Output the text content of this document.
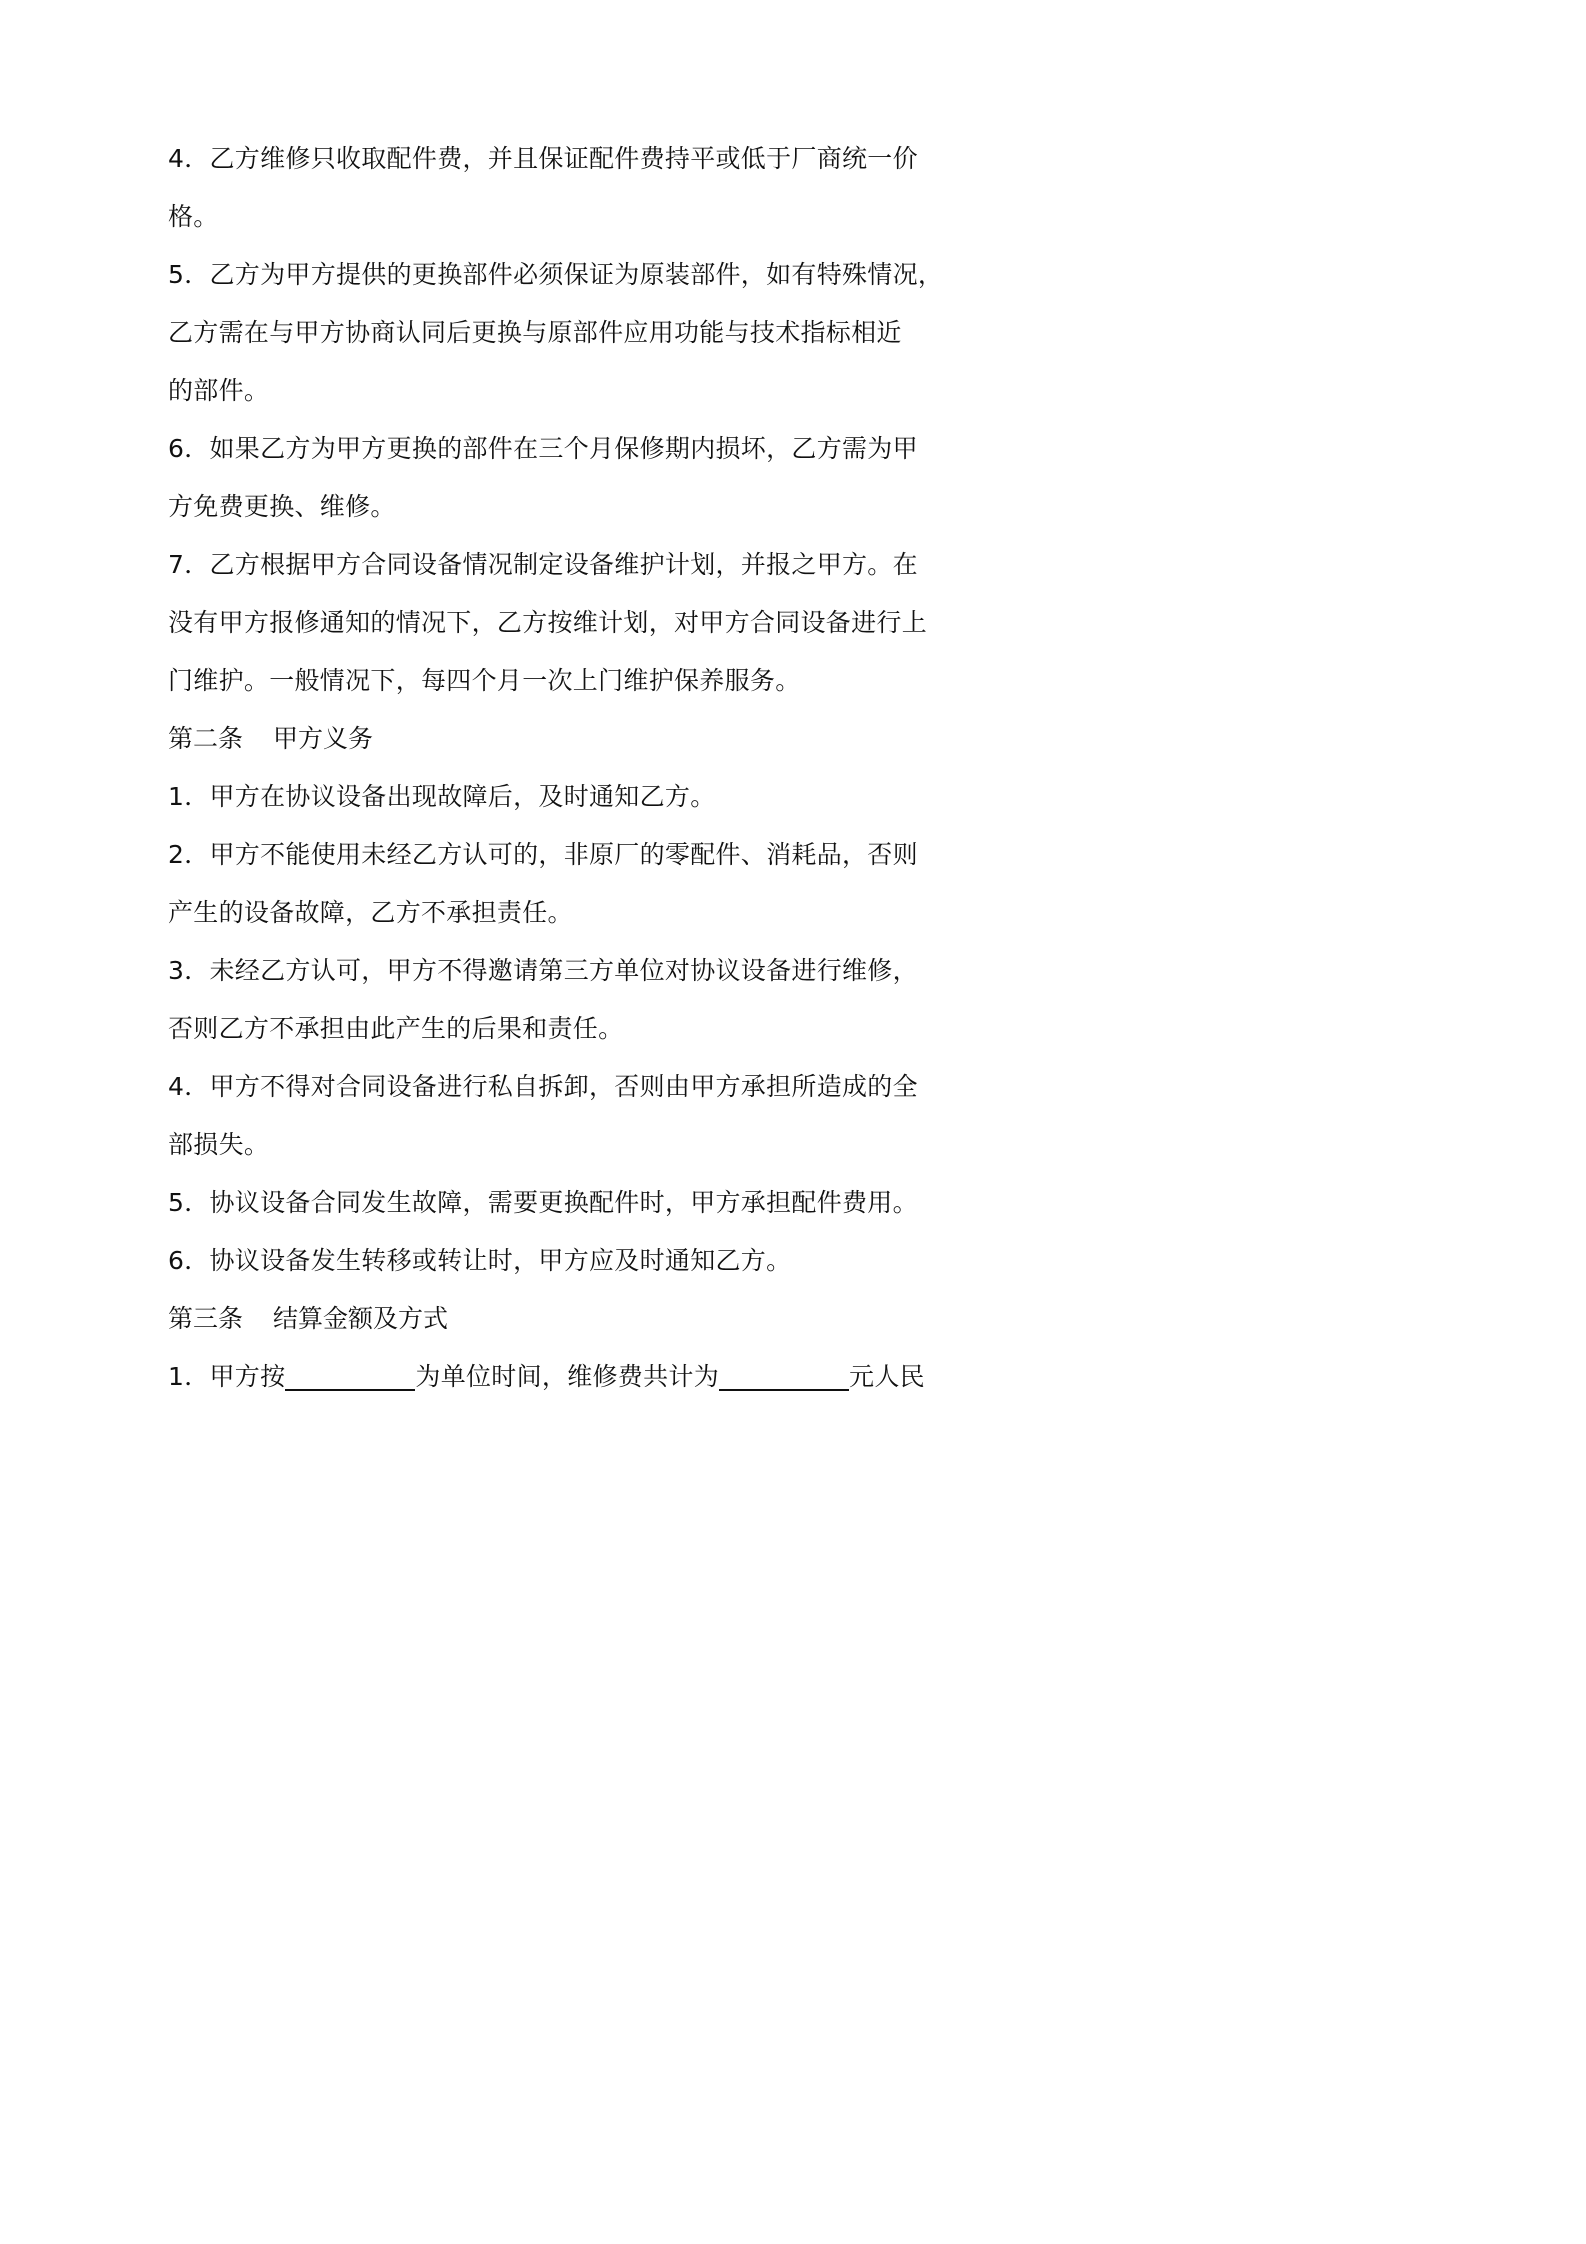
4．乙方维修只收取配件费，并且保证配件费持平或低于厂商统一价
格。
5．乙方为甲方提供的更换部件必须保证为原装部件，如有特殊情况，
乙方需在与甲方协商认同后更换与原部件应用功能与技术指标相近
的部件。
6．如果乙方为甲方更换的部件在三个月保修期内损坏，乙方需为甲
方免费更换、维修。
7．乙方根据甲方合同设备情况制定设备维护计划，并报之甲方。在
没有甲方报修通知的情况下，乙方按维计划，对甲方合同设备进行上
门维护。一般情况下，每四个月一次上门维护保养服务。
第二条 甲方义务
1．甲方在协议设备出现故障后，及时通知乙方。
2．甲方不能使用未经乙方认可的，非原厂的零配件、消耗品，否则
产生的设备故障，乙方不承担责任。
3．未经乙方认可，甲方不得邀请第三方单位对协议设备进行维修，
否则乙方不承担由此产生的后果和责任。
4．甲方不得对合同设备进行私自拆卸，否则由甲方承担所造成的全
部损失。
5．协议设备合同发生故障，需要更换配件时，甲方承担配件费用。
6．协议设备发生转移或转让时，甲方应及时通知乙方。
第三条 结算金额及方式
1．甲方按	为单位时间，维修费共计为	元人民
